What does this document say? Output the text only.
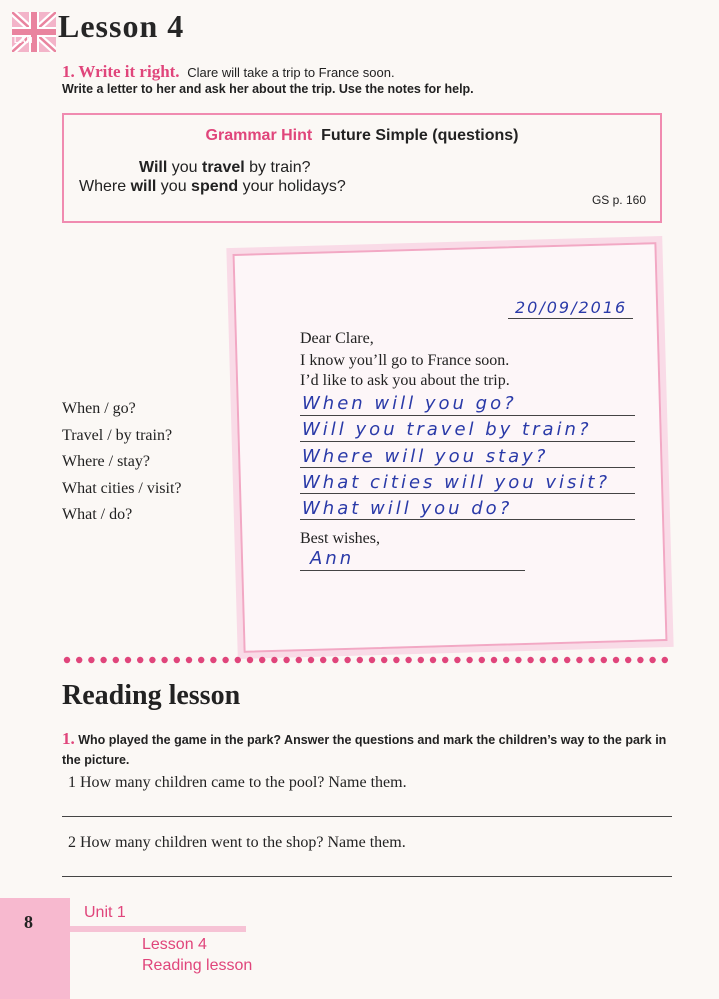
LAN Lesson 4
1. Write it right. Clare will take a trip to France soon.
Write a letter to her and ask her about the trip. Use the notes for help.
Grammar Hint Future Simple (questions)
Will you travel by train?
Where will you spend your holidays?
GS p. 160
20/09/2016
Dear Clare,
I know you’ll go to France soon.
I’d like to ask you about the trip.
When / go?
Travel / by train?
Where / stay?
What cities / visit?
What / do?
When will you go?
Will you travel by train?
Where will you stay?
What cities will you visit?
What will you do?
Best wishes,
Ann
Reading lesson
1. Who played the game in the park? Answer the questions and mark the children’s way to the park in the picture.
1 How many children came to the pool? Name them.
2 How many children went to the shop? Name them.
8	Unit 1
Lesson 4
Reading lesson
